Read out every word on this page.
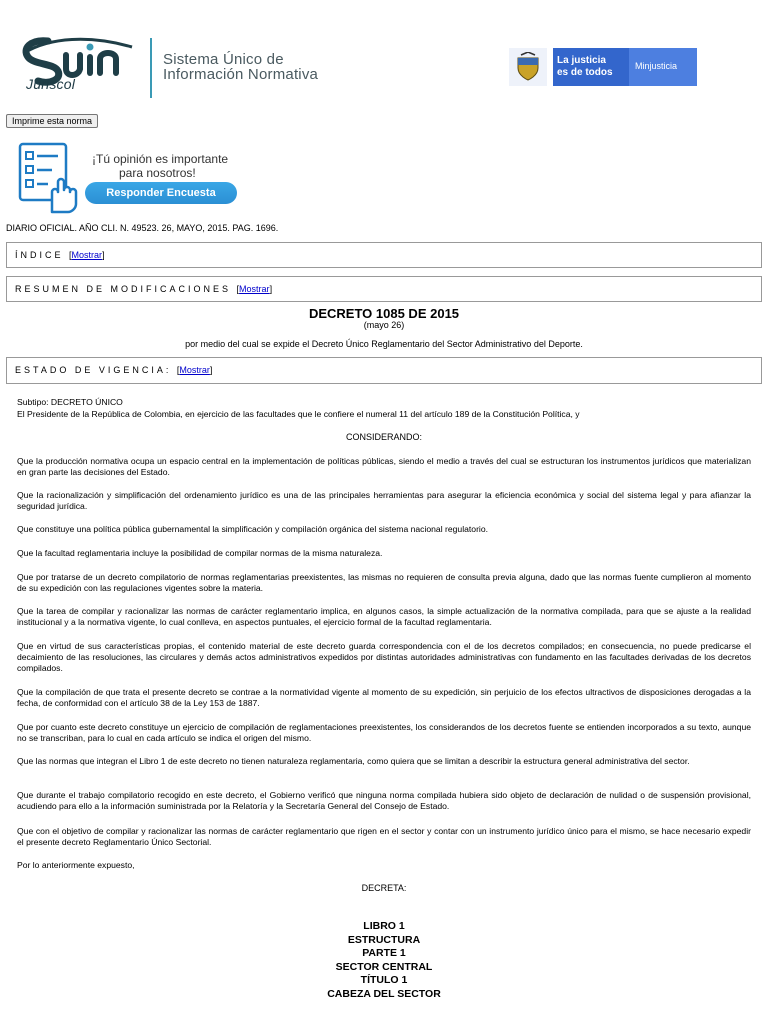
Juriscol
Sistema Único de
Información Normativa
La justicia
es de todos
Minjusticia
Imprime esta norma
¡Tú opinión es importante
para nosotros!
Responder Encuesta
DIARIO OFICIAL. AÑO CLI. N. 49523. 26, MAYO, 2015. PAG. 1696.
ÍNDICE [Mostrar]
RESUMEN DE MODIFICACIONES [Mostrar]
DECRETO 1085 DE 2015
(mayo 26)
por medio del cual se expide el Decreto Único Reglamentario del Sector Administrativo del Deporte.
ESTADO DE VIGENCIA: [Mostrar]
Subtipo: DECRETO ÚNICO
El Presidente de la República de Colombia, en ejercicio de las facultades que le confiere el numeral 11 del artículo 189 de la Constitución Política, y
CONSIDERANDO:
Que la producción normativa ocupa un espacio central en la implementación de políticas públicas, siendo el medio a través del cual se estructuran los instrumentos jurídicos que materializan en gran parte las decisiones del Estado.
Que la racionalización y simplificación del ordenamiento jurídico es una de las principales herramientas para asegurar la eficiencia económica y social del sistema legal y para afianzar la seguridad jurídica.
Que constituye una política pública gubernamental la simplificación y compilación orgánica del sistema nacional regulatorio.
Que la facultad reglamentaria incluye la posibilidad de compilar normas de la misma naturaleza.
Que por tratarse de un decreto compilatorio de normas reglamentarias preexistentes, las mismas no requieren de consulta previa alguna, dado que las normas fuente cumplieron al momento de su expedición con las regulaciones vigentes sobre la materia.
Que la tarea de compilar y racionalizar las normas de carácter reglamentario implica, en algunos casos, la simple actualización de la normativa compilada, para que se ajuste a la realidad institucional y a la normativa vigente, lo cual conlleva, en aspectos puntuales, el ejercicio formal de la facultad reglamentaria.
Que en virtud de sus características propias, el contenido material de este decreto guarda correspondencia con el de los decretos compilados; en consecuencia, no puede predicarse el decaimiento de las resoluciones, las circulares y demás actos administrativos expedidos por distintas autoridades administrativas con fundamento en las facultades derivadas de los decretos compilados.
Que la compilación de que trata el presente decreto se contrae a la normatividad vigente al momento de su expedición, sin perjuicio de los efectos ultractivos de disposiciones derogadas a la fecha, de conformidad con el artículo 38 de la Ley 153 de 1887.
Que por cuanto este decreto constituye un ejercicio de compilación de reglamentaciones preexistentes, los considerandos de los decretos fuente se entienden incorporados a su texto, aunque no se transcriban, para lo cual en cada artículo se indica el origen del mismo.
Que las normas que integran el Libro 1 de este decreto no tienen naturaleza reglamentaria, como quiera que se limitan a describir la estructura general administrativa del sector.
Que durante el trabajo compilatorio recogido en este decreto, el Gobierno verificó que ninguna norma compilada hubiera sido objeto de declaración de nulidad o de suspensión provisional, acudiendo para ello a la información suministrada por la Relatoría y la Secretaría General del Consejo de Estado.
Que con el objetivo de compilar y racionalizar las normas de carácter reglamentario que rigen en el sector y contar con un instrumento jurídico único para el mismo, se hace necesario expedir el presente decreto Reglamentario Único Sectorial.
Por lo anteriormente expuesto,
DECRETA:
LIBRO 1
ESTRUCTURA
PARTE 1
SECTOR CENTRAL
TÍTULO 1
CABEZA DEL SECTOR
